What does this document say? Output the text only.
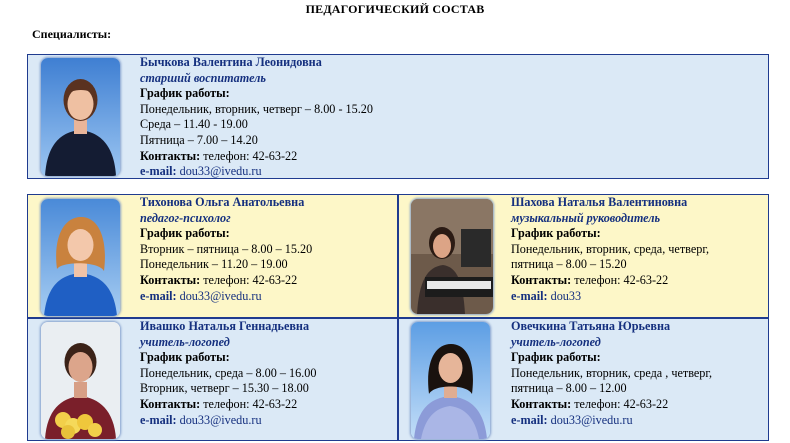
ПЕДАГОГИЧЕСКИЙ СОСТАВ
Специалисты:
Бычкова Валентина Леонидовна
старший воспитатель
График работы:
Понедельник, вторник, четверг – 8.00 - 15.20
Среда – 11.40 - 19.00
Пятница – 7.00 – 14.20
Контакты: телефон: 42-63-22
e-mail: dou33@ivedu.ru
Тихонова Ольга Анатольевна
педагог-психолог
График работы:
Вторник – пятница – 8.00 – 15.20
Понедельник – 11.20 – 19.00
Контакты: телефон: 42-63-22
e-mail: dou33@ivedu.ru
Шахова Наталья Валентиновна
музыкальный руководитель
График работы:
Понедельник, вторник, среда, четверг,
пятница – 8.00 – 15.20
Контакты: телефон: 42-63-22
e-mail: dou33
Ивашко Наталья Геннадьевна
учитель-логопед
График работы:
Понедельник, среда – 8.00 – 16.00
Вторник, четверг – 15.30 – 18.00
Контакты: телефон: 42-63-22
e-mail: dou33@ivedu.ru
Овечкина Татьяна Юрьевна
учитель-логопед
График работы:
Понедельник, вторник, среда , четверг,
пятница – 8.00 – 12.00
Контакты: телефон: 42-63-22
e-mail: dou33@ivedu.ru
